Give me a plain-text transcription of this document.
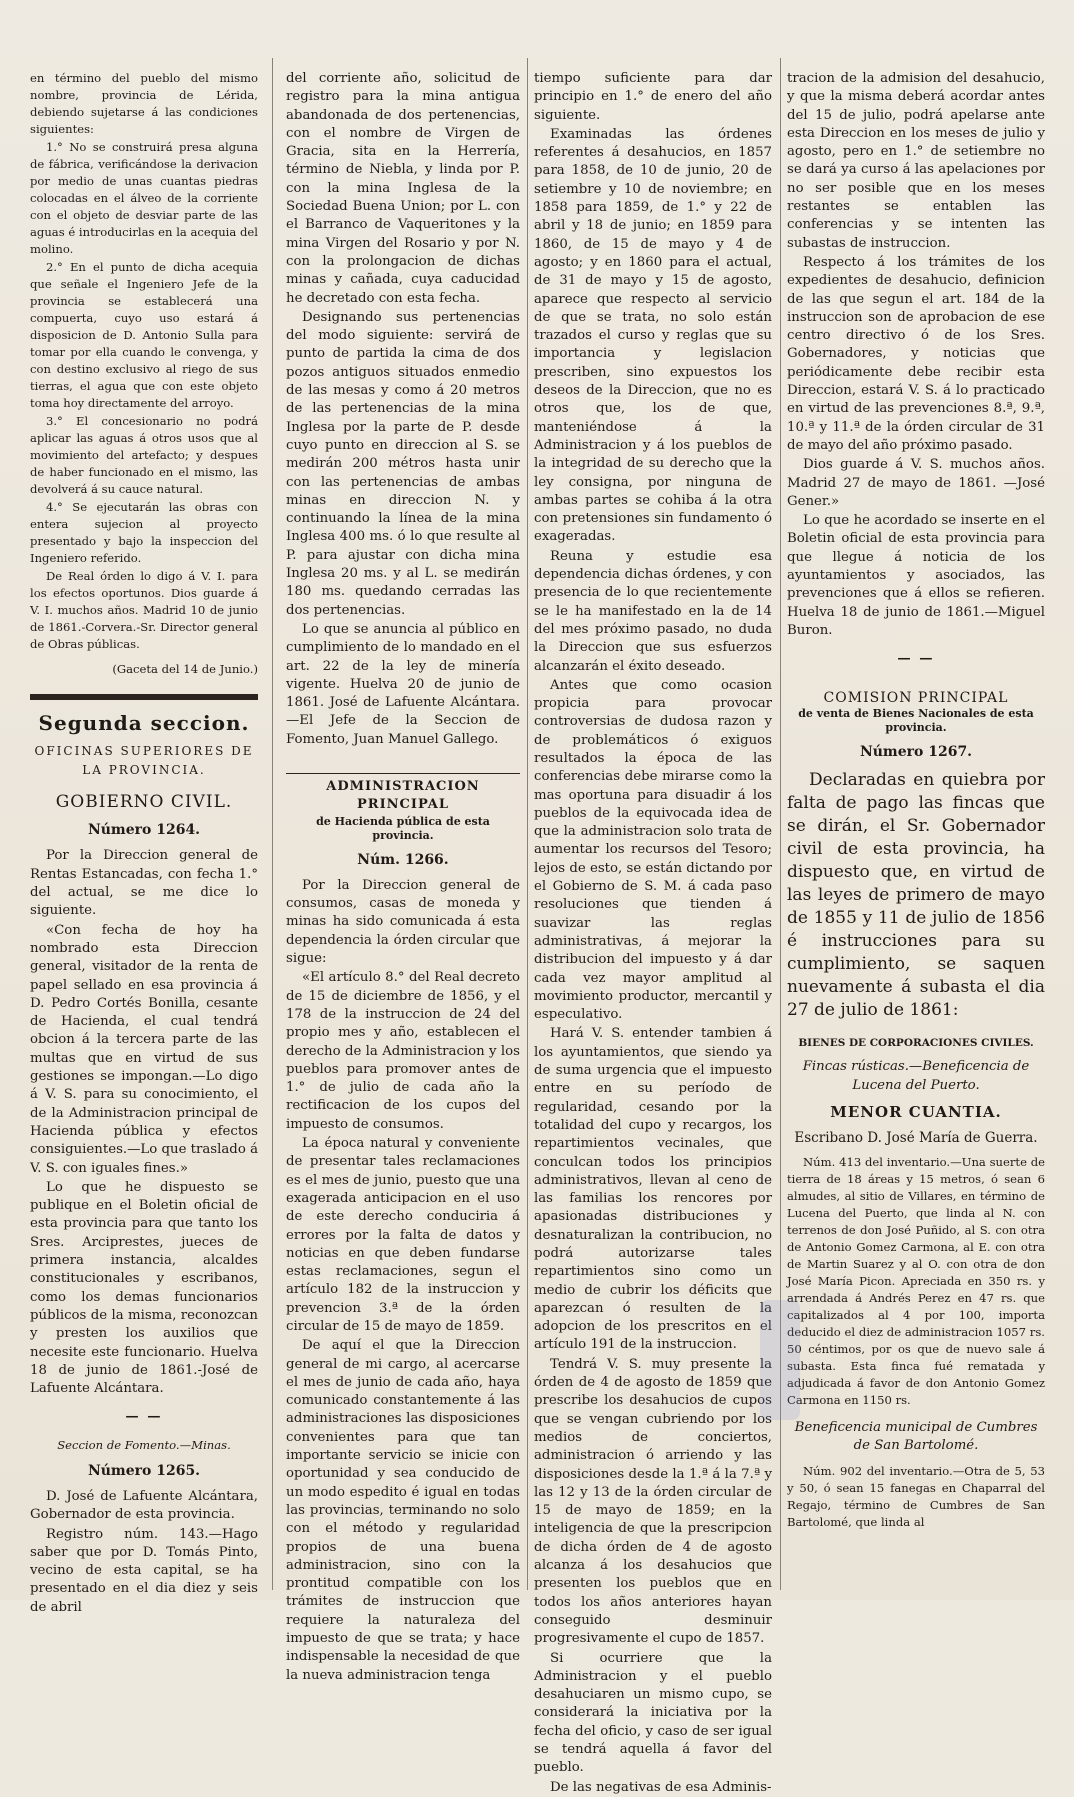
en término del pueblo del mismo nombre, provincia de Lérida, debiendo sujetarse á las condiciones siguientes:

1.° No se construirá presa alguna de fábrica, verificándose la derivacion por medio de unas cuantas piedras colocadas en el álveo de la corriente con el objeto de desviar parte de las aguas é introducirlas en la acequia del molino.

2.° En el punto de dicha acequia que señale el Ingeniero Jefe de la provincia se establecerá una compuerta, cuyo uso estará á disposicion de D. Antonio Sulla para tomar por ella cuando le convenga, y con destino exclusivo al riego de sus tierras, el agua que con este objeto toma hoy directamente del arroyo.

3.° El concesionario no podrá aplicar las aguas á otros usos que al movimiento del artefacto; y despues de haber funcionado en el mismo, las devolverá á su cauce natural.

4.° Se ejecutarán las obras con entera sujecion al proyecto presentado y bajo la inspeccion del Ingeniero referido.

De Real órden lo digo á V. I. para los efectos oportunos. Dios guarde á V. I. muchos años. Madrid 10 de junio de 1861.-Corvera.-Sr. Director general de Obras públicas.

(Gaceta del 14 de Junio.)

Segunda seccion.
OFICINAS SUPERIORES DE LA PROVINCIA.
GOBIERNO CIVIL.
Número 1264.

Por la Direccion general de Rentas Estancadas, con fecha 1.° del actual, se me dice lo siguiente.

«Con fecha de hoy ha nombrado esta Direccion general, visitador de la renta de papel sellado en esa provincia á D. Pedro Cortés Bonilla, cesante de Hacienda, el cual tendrá obcion á la tercera parte de las multas que en virtud de sus gestiones se impongan.—Lo digo á V. S. para su conocimiento, el de la Administracion principal de Hacienda pública y efectos consiguientes.—Lo que traslado á V. S. con iguales fines.»

Lo que he dispuesto se publique en el Boletin oficial de esta provincia para que tanto los Sres. Arciprestes, jueces de primera instancia, alcaldes constitucionales y escribanos, como los demas funcionarios públicos de la misma, reconozcan y presten los auxilios que necesite este funcionario. Huelva 18 de junio de 1861.-José de Lafuente Alcántara.

— —
Seccion de Fomento.—Minas.
Número 1265.

D. José de Lafuente Alcántara, Gobernador de esta provincia.

Registro núm. 143.—Hago saber que por D. Tomás Pinto, vecino de esta capital, se ha presentado en el dia diez y seis de abril

del corriente año, solicitud de registro para la mina antigua abandonada de dos pertenencias, con el nombre de Virgen de Gracia, sita en la Herrería, término de Niebla, y linda por P. con la mina Inglesa de la Sociedad Buena Union; por L. con el Barranco de Vaqueritones y la mina Virgen del Rosario y por N. con la prolongacion de dichas minas y cañada, cuya caducidad he decretado con esta fecha.

Designando sus pertenencias del modo siguiente: servirá de punto de partida la cima de dos pozos antiguos situados enmedio de las mesas y como á 20 metros de las pertenencias de la mina Inglesa por la parte de P. desde cuyo punto en direccion al S. se medirán 200 métros hasta unir con las pertenencias de ambas minas en direccion N. y continuando la línea de la mina Inglesa 400 ms. ó lo que resulte al P. para ajustar con dicha mina Inglesa 20 ms. y al L. se medirán 180 ms. quedando cerradas las dos pertenencias.

Lo que se anuncia al público en cumplimiento de lo mandado en el art. 22 de la ley de minería vigente. Huelva 20 de junio de 1861. José de Lafuente Alcántara.—El Jefe de la Seccion de Fomento, Juan Manuel Gallego.

ADMINISTRACION PRINCIPAL
de Hacienda pública de esta provincia.
Núm. 1266.

Por la Direccion general de consumos, casas de moneda y minas ha sido comunicada á esta dependencia la órden circular que sigue:

«El artículo 8.° del Real decreto de 15 de diciembre de 1856, y el 178 de la instruccion de 24 del propio mes y año, establecen el derecho de la Administracion y los pueblos para promover antes de 1.° de julio de cada año la rectificacion de los cupos del impuesto de consumos.

La época natural y conveniente de presentar tales reclamaciones es el mes de junio, puesto que una exagerada anticipacion en el uso de este derecho conduciria á errores por la falta de datos y noticias en que deben fundarse estas reclamaciones, segun el artículo 182 de la instruccion y prevencion 3.ª de la órden circular de 15 de mayo de 1859.

De aquí el que la Direccion general de mi cargo, al acercarse el mes de junio de cada año, haya comunicado constantemente á las administraciones las disposiciones convenientes para que tan importante servicio se inicie con oportunidad y sea conducido de un modo espedito é igual en todas las provincias, terminando no solo con el método y regularidad propios de una buena administracion, sino con la prontitud compatible con los trámites de instruccion que requiere la naturaleza del impuesto de que se trata; y hace indispensable la necesidad de que la nueva administracion tenga

tiempo suficiente para dar principio en 1.° de enero del año siguiente.

Examinadas las órdenes referentes á desahucios, en 1857 para 1858, de 10 de junio, 20 de setiembre y 10 de noviembre; en 1858 para 1859, de 1.° y 22 de abril y 18 de junio; en 1859 para 1860, de 15 de mayo y 4 de agosto; y en 1860 para el actual, de 31 de mayo y 15 de agosto, aparece que respecto al servicio de que se trata, no solo están trazados el curso y reglas que su importancia y legislacion prescriben, sino expuestos los deseos de la Direccion, que no es otros que, los de que, manteniéndose á la Administracion y á los pueblos de la integridad de su derecho que la ley consigna, por ninguna de ambas partes se cohiba á la otra con pretensiones sin fundamento ó exageradas.

Reuna y estudie esa dependencia dichas órdenes, y con presencia de lo que recientemente se le ha manifestado en la de 14 del mes próximo pasado, no duda la Direccion que sus esfuerzos alcanzarán el éxito deseado.

Antes que como ocasion propicia para provocar controversias de dudosa razon y de problemáticos ó exiguos resultados la época de las conferencias debe mirarse como la mas oportuna para disuadir á los pueblos de la equivocada idea de que la administracion solo trata de aumentar los recursos del Tesoro; lejos de esto, se están dictando por el Gobierno de S. M. á cada paso resoluciones que tienden á suavizar las reglas administrativas, á mejorar la distribucion del impuesto y á dar cada vez mayor amplitud al movimiento productor, mercantil y especulativo.

Hará V. S. entender tambien á los ayuntamientos, que siendo ya de suma urgencia que el impuesto entre en su período de regularidad, cesando por la totalidad del cupo y recargos, los repartimientos vecinales, que conculcan todos los principios administrativos, llevan al ceno de las familias los rencores por apasionadas distribuciones y desnaturalizan la contribucion, no podrá autorizarse tales repartimientos sino como un medio de cubrir los déficits que aparezcan ó resulten de la adopcion de los prescritos en el artículo 191 de la instruccion.

Tendrá V. S. muy presente la órden de 4 de agosto de 1859 que prescribe los desahucios de cupos que se vengan cubriendo por los medios de conciertos, administracion ó arriendo y las disposiciones desde la 1.ª á la 7.ª y las 12 y 13 de la órden circular de 15 de mayo de 1859; en la inteligencia de que la prescripcion de dicha órden de 4 de agosto alcanza á los desahucios que presenten los pueblos que en todos los años anteriores hayan conseguido desminuir progresivamente el cupo de 1857.

Si ocurriere que la Administracion y el pueblo desahuciaren un mismo cupo, se considerará la iniciativa por la fecha del oficio, y caso de ser igual se tendrá aquella á favor del pueblo.

De las negativas de esa Adminis-

tracion de la admision del desahucio, y que la misma deberá acordar antes del 15 de julio, podrá apelarse ante esta Direccion en los meses de julio y agosto, pero en 1.° de setiembre no se dará ya curso á las apelaciones por no ser posible que en los meses restantes se entablen las conferencias y se intenten las subastas de instruccion.

Respecto á los trámites de los expedientes de desahucio, definicion de las que segun el art. 184 de la instruccion son de aprobacion de ese centro directivo ó de los Sres. Gobernadores, y noticias que periódicamente debe recibir esta Direccion, estará V. S. á lo practicado en virtud de las prevenciones 8.ª, 9.ª, 10.ª y 11.ª de la órden circular de 31 de mayo del año próximo pasado.

Dios guarde á V. S. muchos años. Madrid 27 de mayo de 1861. —José Gener.»

Lo que he acordado se inserte en el Boletin oficial de esta provincia para que llegue á noticia de los ayuntamientos y asociados, las prevenciones que á ellos se refieren. Huelva 18 de junio de 1861.—Miguel Buron.

— —
COMISION PRINCIPAL
de venta de Bienes Nacionales de esta provincia.
Número 1267.

Declaradas en quiebra por falta de pago las fincas que se dirán, el Sr. Gobernador civil de esta provincia, ha dispuesto que, en virtud de las leyes de primero de mayo de 1855 y 11 de julio de 1856 é instrucciones para su cumplimiento, se saquen nuevamente á subasta el dia 27 de julio de 1861:

BIENES DE CORPORACIONES CIVILES.
Fincas rústicas.—Beneficencia de Lucena del Puerto.
MENOR CUANTIA.
Escribano D. José María de Guerra.

Núm. 413 del inventario.—Una suerte de tierra de 18 áreas y 15 metros, ó sean 6 almudes, al sitio de Villares, en término de Lucena del Puerto, que linda al N. con terrenos de don José Puñido, al S. con otra de Antonio Gomez Carmona, al E. con otra de Martin Suarez y al O. con otra de don José María Picon. Apreciada en 350 rs. y arrendada á Andrés Perez en 47 rs. que capitalizados al 4 por 100, importa deducido el diez de administracion 1057 rs. 50 céntimos, por os que de nuevo sale á subasta. Esta finca fué rematada y adjudicada á favor de don Antonio Gomez Carmona en 1150 rs.

Beneficencia municipal de Cumbres de San Bartolomé.

Núm. 902 del inventario.—Otra de 5, 53 y 50, ó sean 15 fanegas en Chaparral del Regajo, término de Cumbres de San Bartolomé, que linda al
